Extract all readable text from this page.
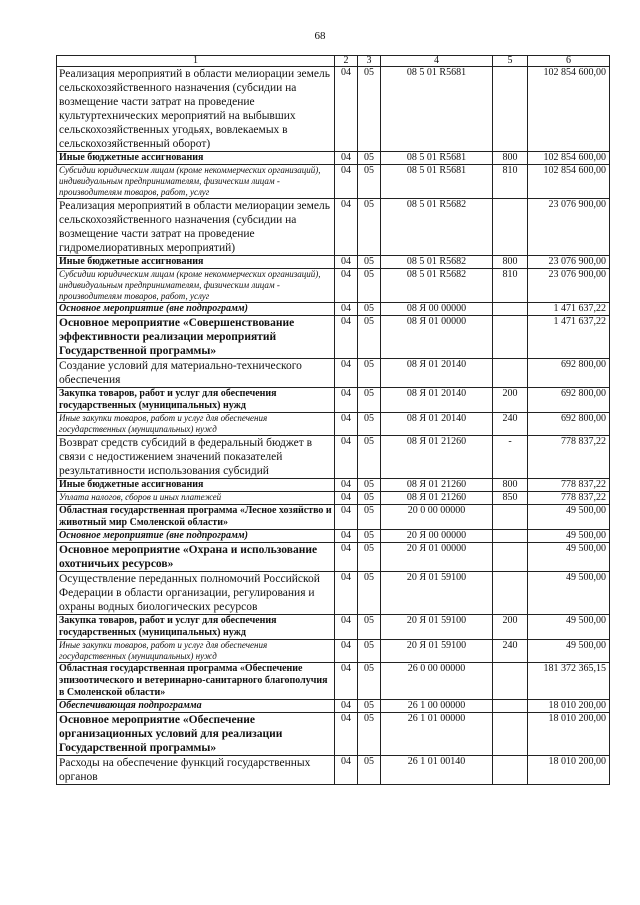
68
1	2	3	4	5	6
Реализация мероприятий в области мелиорации земель сельскохозяйственного назначения (субсидии на возмещение части затрат на проведение культуртехнических мероприятий на выбывших сельскохозяйственных угодьях, вовлекаемых в сельскохозяйственный оборот)	04	05	08 5 01 R5681		102 854 600,00
Иные бюджетные ассигнования	04	05	08 5 01 R5681	800	102 854 600,00
Субсидии юридическим лицам (кроме некоммерческих организаций), индивидуальным предпринимателям, физическим лицам - производителям товаров, работ, услуг	04	05	08 5 01 R5681	810	102 854 600,00
Реализация мероприятий в области мелиорации земель сельскохозяйственного назначения (субсидии на возмещение части затрат на проведение гидромелиоративных мероприятий)	04	05	08 5 01 R5682		23 076 900,00
Иные бюджетные ассигнования	04	05	08 5 01 R5682	800	23 076 900,00
Субсидии юридическим лицам (кроме некоммерческих организаций), индивидуальным предпринимателям, физическим лицам - производителям товаров, работ, услуг	04	05	08 5 01 R5682	810	23 076 900,00
Основное мероприятие (вне подпрограмм)	04	05	08 Я 00 00000		1 471 637,22
Основное мероприятие «Совершенствование эффективности реализации мероприятий Государственной программы»	04	05	08 Я 01 00000		1 471 637,22
Создание условий для материально-технического обеспечения	04	05	08 Я 01 20140		692 800,00
Закупка товаров, работ и услуг для обеспечения государственных (муниципальных) нужд	04	05	08 Я 01 20140	200	692 800,00
Иные закупки товаров, работ и услуг для обеспечения государственных (муниципальных) нужд	04	05	08 Я 01 20140	240	692 800,00
Возврат средств субсидий в федеральный бюджет в связи с недостижением значений показателей результативности использования субсидий	04	05	08 Я 01 21260	-	778 837,22
Иные бюджетные ассигнования	04	05	08 Я 01 21260	800	778 837,22
Уплата налогов, сборов и иных платежей	04	05	08 Я 01 21260	850	778 837,22
Областная государственная программа «Лесное хозяйство и животный мир Смоленской области»	04	05	20 0 00 00000		49 500,00
Основное мероприятие (вне подпрограмм)	04	05	20 Я 00 00000		49 500,00
Основное мероприятие «Охрана и использование охотничьих ресурсов»	04	05	20 Я 01 00000		49 500,00
Осуществление переданных полномочий Российской Федерации в области организации, регулирования и охраны водных биологических ресурсов	04	05	20 Я 01 59100		49 500,00
Закупка товаров, работ и услуг для обеспечения государственных (муниципальных) нужд	04	05	20 Я 01 59100	200	49 500,00
Иные закупки товаров, работ и услуг для обеспечения государственных (муниципальных) нужд	04	05	20 Я 01 59100	240	49 500,00
Областная государственная программа «Обеспечение эпизоотического и ветеринарно-санитарного благополучия в Смоленской области»	04	05	26 0 00 00000		181 372 365,15
Обеспечивающая подпрограмма	04	05	26 1 00 00000		18 010 200,00
Основное мероприятие «Обеспечение организационных условий для реализации Государственной программы»	04	05	26 1 01 00000		18 010 200,00
Расходы на обеспечение функций государственных органов	04	05	26 1 01 00140		18 010 200,00
